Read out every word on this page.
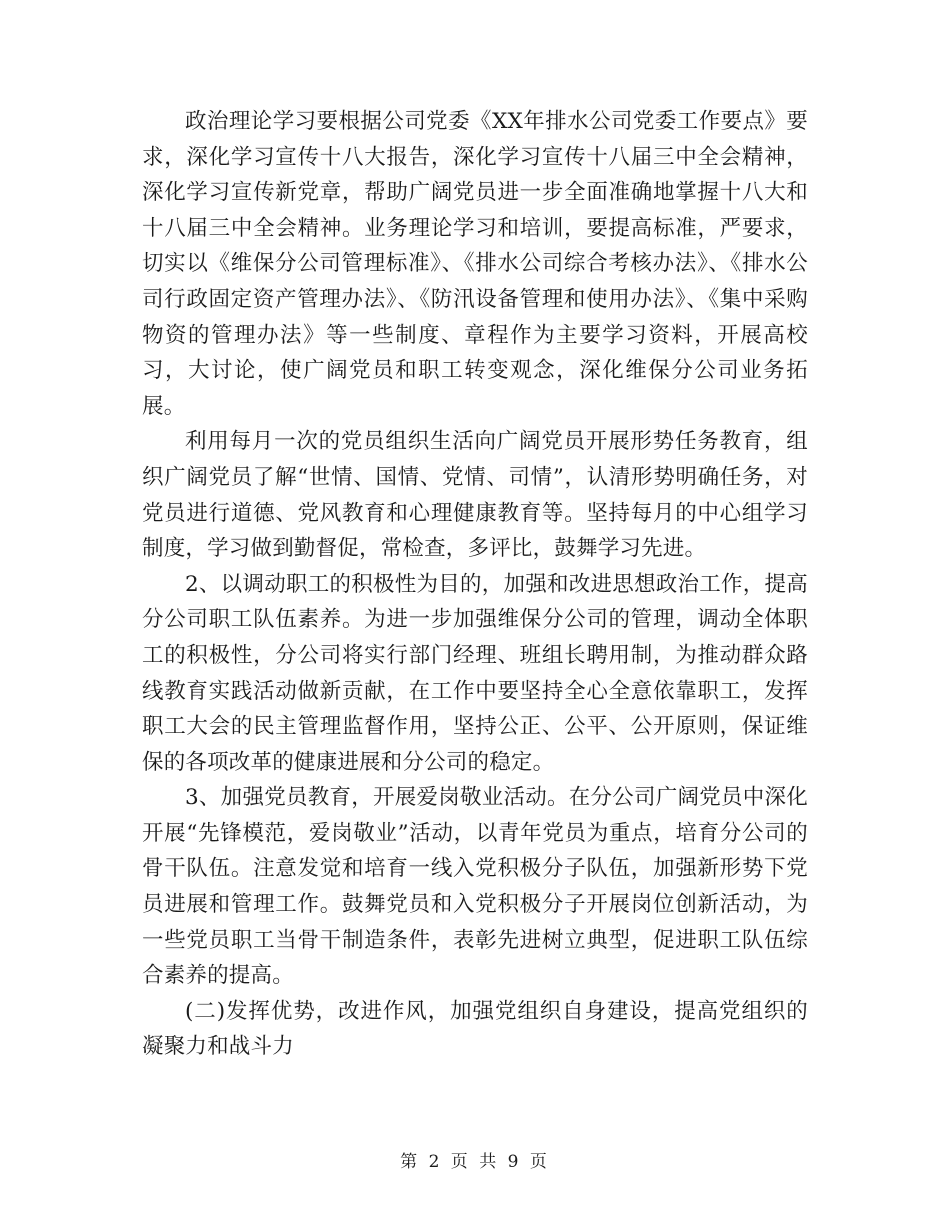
政治理论学习要根据公司党委《XX年排水公司党委工作要点》要求，深化学习宣传十八大报告，深化学习宣传十八届三中全会精神，深化学习宣传新党章，帮助广阔党员进一步全面准确地掌握十八大和十八届三中全会精神。业务理论学习和培训，要提高标准，严要求，切实以《维保分公司管理标准》、《排水公司综合考核办法》、《排水公司行政固定资产管理办法》、《防汛设备管理和使用办法》、《集中采购物资的管理办法》等一些制度、章程作为主要学习资料，开展高校习，大讨论，使广阔党员和职工转变观念，深化维保分公司业务拓展。

利用每月一次的党员组织生活向广阔党员开展形势任务教育，组织广阔党员了解“世情、国情、党情、司情”，认清形势明确任务，对党员进行道德、党风教育和心理健康教育等。坚持每月的中心组学习制度，学习做到勤督促，常检查，多评比，鼓舞学习先进。

2、以调动职工的积极性为目的，加强和改进思想政治工作，提高分公司职工队伍素养。为进一步加强维保分公司的管理，调动全体职工的积极性，分公司将实行部门经理、班组长聘用制，为推动群众路线教育实践活动做新贡献，在工作中要坚持全心全意依靠职工，发挥职工大会的民主管理监督作用，坚持公正、公平、公开原则，保证维保的各项改革的健康进展和分公司的稳定。

3、加强党员教育，开展爱岗敬业活动。在分公司广阔党员中深化开展“先锋模范，爱岗敬业”活动，以青年党员为重点，培育分公司的骨干队伍。注意发觉和培育一线入党积极分子队伍，加强新形势下党员进展和管理工作。鼓舞党员和入党积极分子开展岗位创新活动，为一些党员职工当骨干制造条件，表彰先进树立典型，促进职工队伍综合素养的提高。

(二)发挥优势，改进作风，加强党组织自身建设，提高党组织的凝聚力和战斗力

第 2 页 共 9 页
